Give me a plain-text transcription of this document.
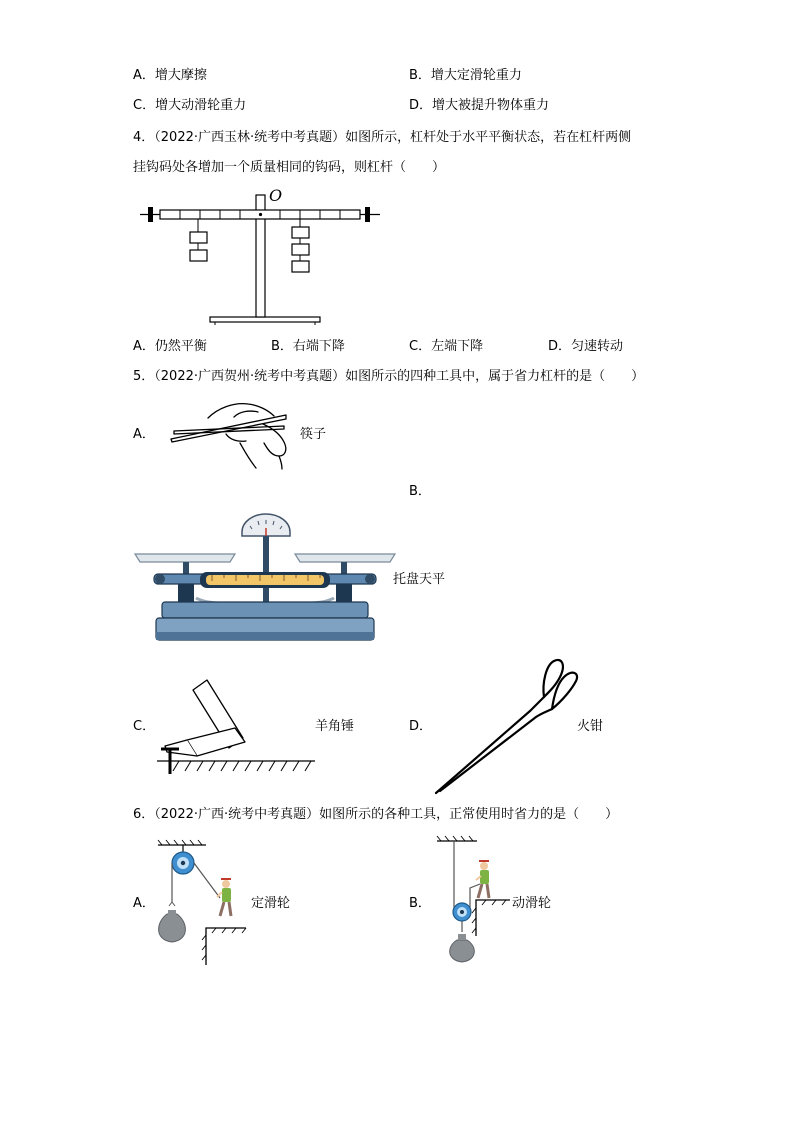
A．增大摩擦	B．增大定滑轮重力
C．增大动滑轮重力	D．增大被提升物体重力
4．（2022·广西玉林·统考中考真题）如图所示，杠杆处于水平平衡状态，若在杠杆两侧
挂钩码处各增加一个质量相同的钩码，则杠杆（　　）
O
A．仍然平衡	B．右端下降	C．左端下降	D．匀速转动
5．（2022·广西贺州·统考中考真题）如图所示的四种工具中，属于省力杠杆的是（　　）
A．	筷子
B．
托盘天平
C．	羊角锤	D．	火钳
6．（2022·广西·统考中考真题）如图所示的各种工具，正常使用时省力的是（　　）
A．	定滑轮	B．	动滑轮
